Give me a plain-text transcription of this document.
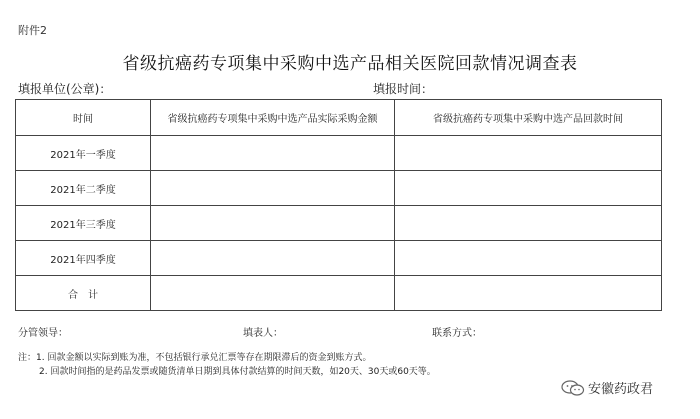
附件2
省级抗癌药专项集中采购中选产品相关医院回款情况调查表
填报单位(公章)：	填报时间：
时间	省级抗癌药专项集中采购中选产品实际采购金额	省级抗癌药专项集中采购中选产品回款时间
2021年一季度		
2021年二季度		
2021年三季度		
2021年四季度		
合计		
分管领导：	填表人：	联系方式：
注：1. 回款金额以实际到账为准，不包括银行承兑汇票等存在期限滞后的资金到账方式。
2. 回款时间指的是药品发票或随货清单日期到具体付款结算的时间天数，如20天、30天或60天等。
安徽药政君
